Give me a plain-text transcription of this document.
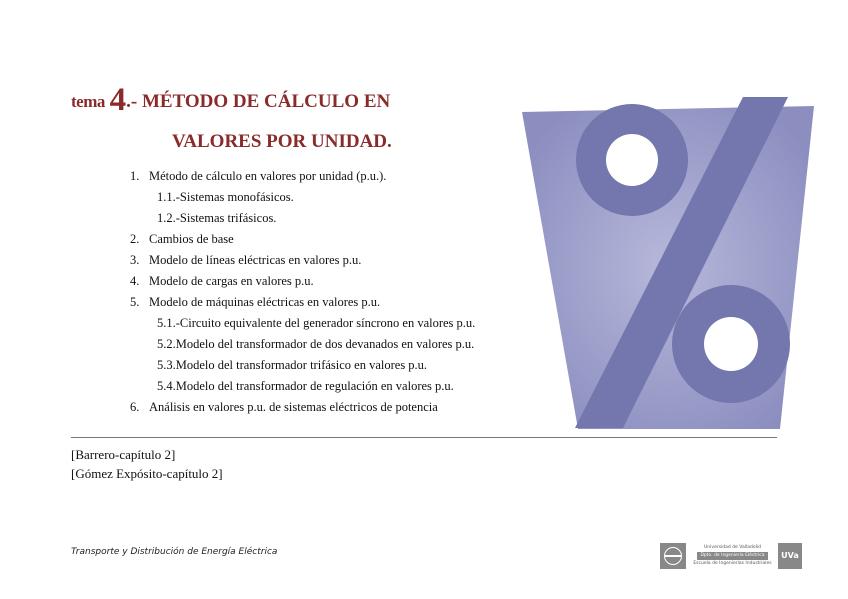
tema 4.- MÉTODO DE CÁLCULO EN
VALORES POR UNIDAD.
1. Método de cálculo en valores por unidad (p.u.).
1.1.-Sistemas monofásicos.
1.2.-Sistemas trifásicos.
2. Cambios de base
3. Modelo de líneas eléctricas en valores p.u.
4. Modelo de cargas en valores p.u.
5. Modelo de máquinas eléctricas en valores p.u.
5.1.-Circuito equivalente del generador síncrono en valores p.u.
5.2.Modelo del transformador de dos devanados en valores p.u.
5.3.Modelo del transformador trifásico en valores p.u.
5.4.Modelo del transformador de regulación en valores p.u.
6. Análisis en valores p.u. de sistemas eléctricos de potencia
[Barrero-capítulo 2]
[Gómez Expósito-capítulo 2]
Transporte y Distribución de Energía Eléctrica	Universidad de Valladolid
Dpto. de Ingeniería Eléctrica
Escuela de Ingenierías Industriales
UVa
